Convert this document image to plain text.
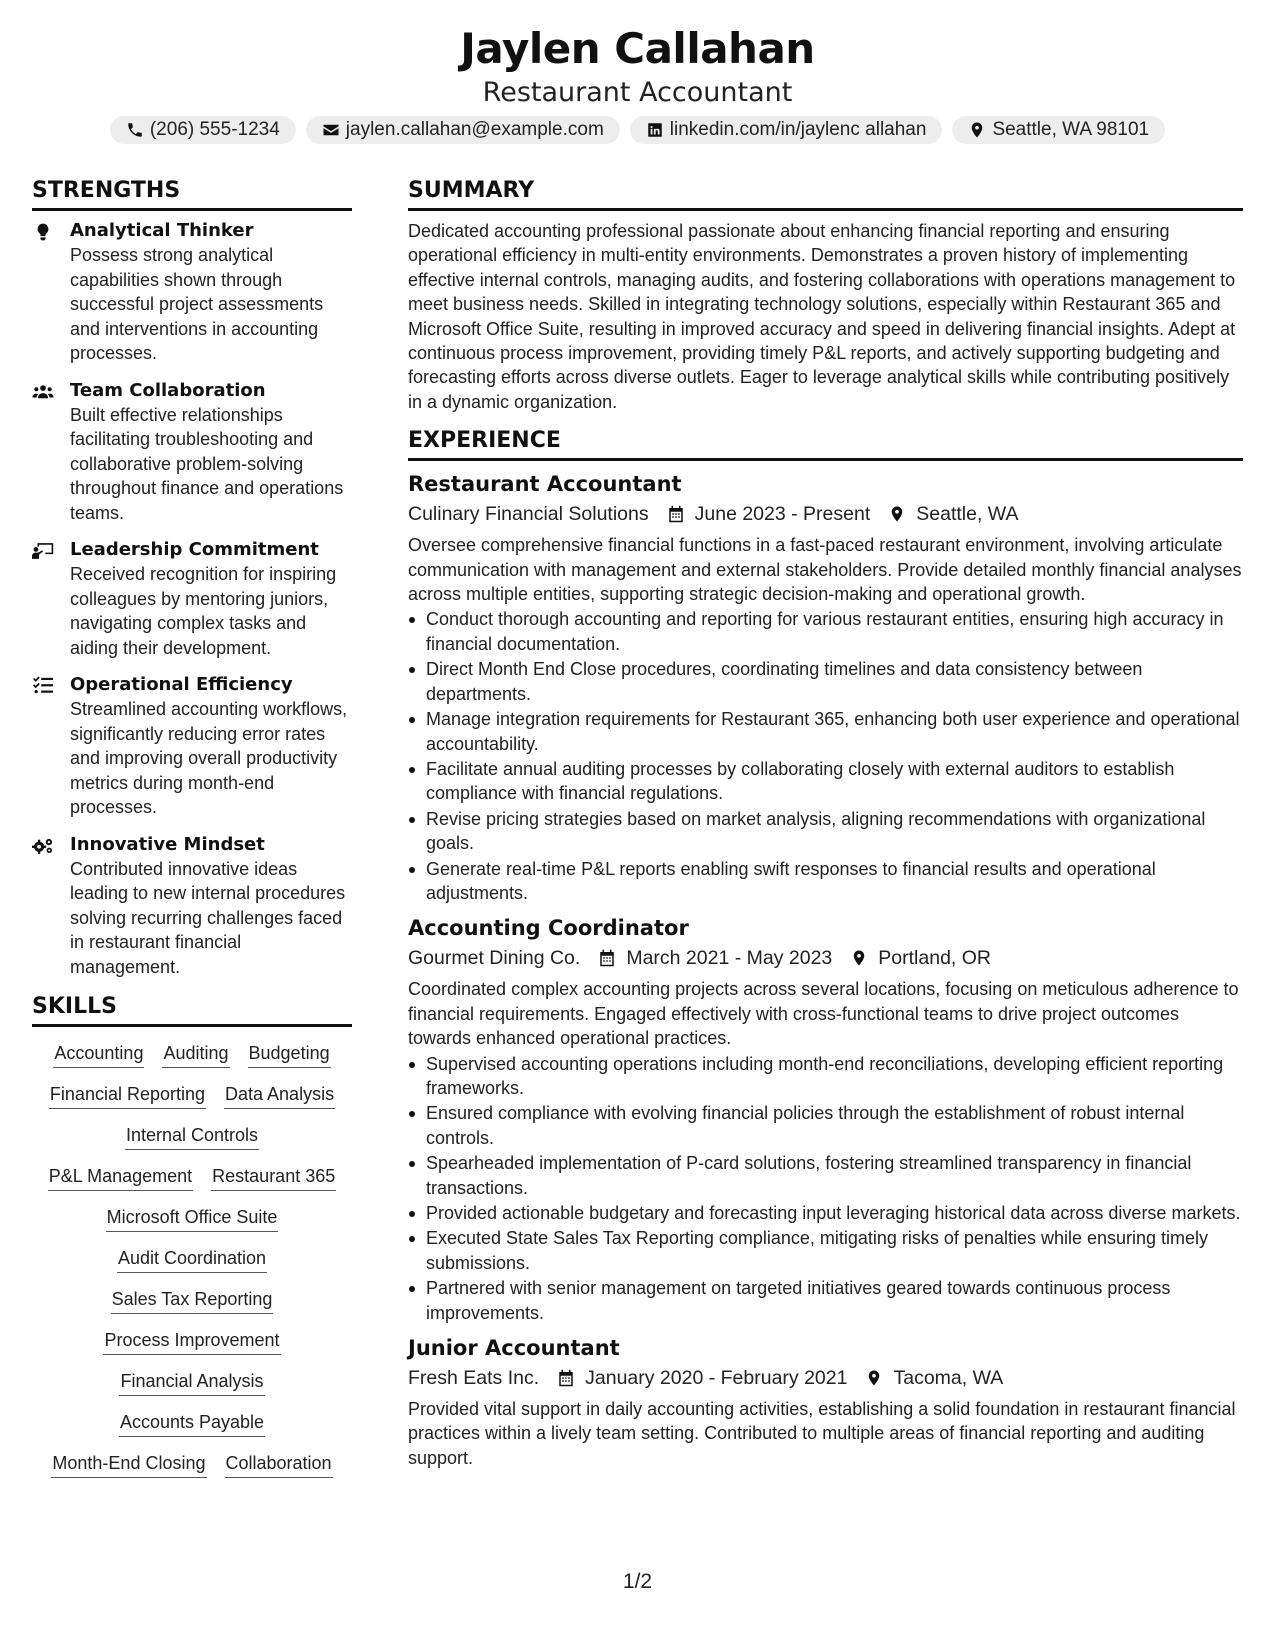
Jaylen Callahan
Restaurant Accountant
(206) 555-1234	jaylen.callahan@example.com	linkedin.com/in/jaylenc allahan	Seattle, WA 98101
STRENGTHS
Analytical Thinker
Possess strong analytical capabilities shown through successful project assessments and interventions in accounting processes.
Team Collaboration
Built effective relationships facilitating troubleshooting and collaborative problem-solving throughout finance and operations teams.
Leadership Commitment
Received recognition for inspiring colleagues by mentoring juniors, navigating complex tasks and aiding their development.
Operational Efficiency
Streamlined accounting workflows, significantly reducing error rates and improving overall productivity metrics during month-end processes.
Innovative Mindset
Contributed innovative ideas leading to new internal procedures solving recurring challenges faced in restaurant financial management.
SKILLS
Accounting Auditing Budgeting
Financial Reporting Data Analysis
Internal Controls
P&L Management Restaurant 365
Microsoft Office Suite
Audit Coordination
Sales Tax Reporting
Process Improvement
Financial Analysis
Accounts Payable
Month-End Closing Collaboration
SUMMARY
Dedicated accounting professional passionate about enhancing financial reporting and ensuring operational efficiency in multi-entity environments. Demonstrates a proven history of implementing effective internal controls, managing audits, and fostering collaborations with operations management to meet business needs. Skilled in integrating technology solutions, especially within Restaurant 365 and Microsoft Office Suite, resulting in improved accuracy and speed in delivering financial insights. Adept at continuous process improvement, providing timely P&L reports, and actively supporting budgeting and forecasting efforts across diverse outlets. Eager to leverage analytical skills while contributing positively in a dynamic organization.
EXPERIENCE
Restaurant Accountant
Culinary Financial Solutions June 2023 - Present Seattle, WA
Oversee comprehensive financial functions in a fast-paced restaurant environment, involving articulate communication with management and external stakeholders. Provide detailed monthly financial analyses across multiple entities, supporting strategic decision-making and operational growth.
Conduct thorough accounting and reporting for various restaurant entities, ensuring high accuracy in financial documentation.
Direct Month End Close procedures, coordinating timelines and data consistency between departments.
Manage integration requirements for Restaurant 365, enhancing both user experience and operational accountability.
Facilitate annual auditing processes by collaborating closely with external auditors to establish compliance with financial regulations.
Revise pricing strategies based on market analysis, aligning recommendations with organizational goals.
Generate real-time P&L reports enabling swift responses to financial results and operational adjustments.
Accounting Coordinator
Gourmet Dining Co. March 2021 - May 2023 Portland, OR
Coordinated complex accounting projects across several locations, focusing on meticulous adherence to financial requirements. Engaged effectively with cross-functional teams to drive project outcomes towards enhanced operational practices.
Supervised accounting operations including month-end reconciliations, developing efficient reporting frameworks.
Ensured compliance with evolving financial policies through the establishment of robust internal controls.
Spearheaded implementation of P-card solutions, fostering streamlined transparency in financial transactions.
Provided actionable budgetary and forecasting input leveraging historical data across diverse markets.
Executed State Sales Tax Reporting compliance, mitigating risks of penalties while ensuring timely submissions.
Partnered with senior management on targeted initiatives geared towards continuous process improvements.
Junior Accountant
Fresh Eats Inc. January 2020 - February 2021 Tacoma, WA
Provided vital support in daily accounting activities, establishing a solid foundation in restaurant financial practices within a lively team setting. Contributed to multiple areas of financial reporting and auditing support.
1/2
